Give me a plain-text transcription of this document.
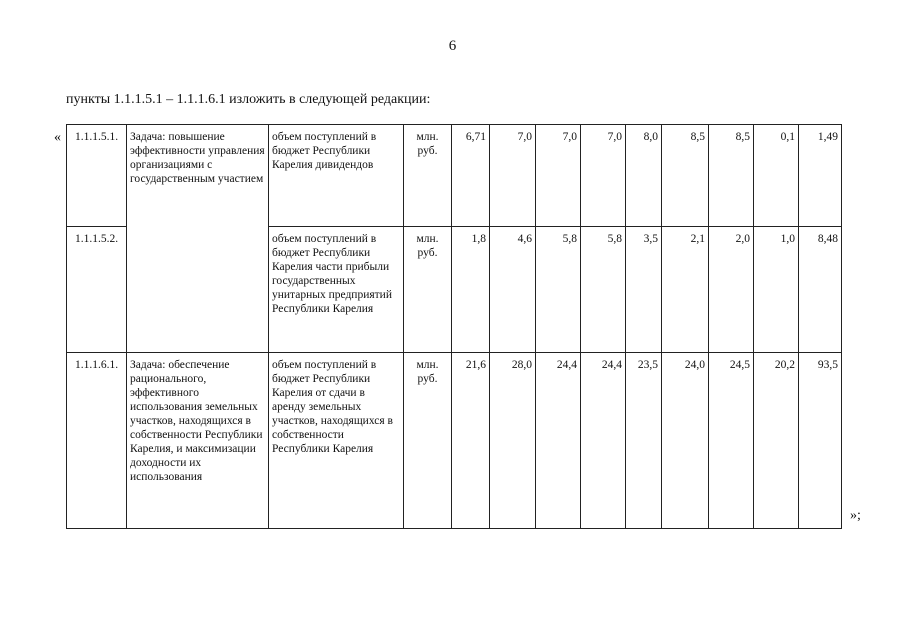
6
пункты 1.1.1.5.1 – 1.1.1.6.1 изложить в следующей редакции:
« 1.1.1.5.1.	Задача: повышение эффективности управления организациями с государственным участием	объем поступлений в бюджет Республики Карелия дивидендов	млн. руб.	6,71	7,0	7,0	7,0	8,0	8,5	8,5	0,1	1,49
1.1.1.5.2.		объем поступлений в бюджет Республики Карелия части прибыли государственных унитарных предприятий Республики Карелия	млн. руб.	1,8	4,6	5,8	5,8	3,5	2,1	2,0	1,0	8,48
1.1.1.6.1.	Задача: обеспечение рационального, эффективного использования земельных участков, находящихся в собственности Республики Карелия, и максимизации доходности их использования	объем поступлений в бюджет Республики Карелия от сдачи в аренду земельных участков, находящихся в собственности Республики Карелия	млн. руб.	21,6	28,0	24,4	24,4	23,5	24,0	24,5	20,2	93,5
»;
